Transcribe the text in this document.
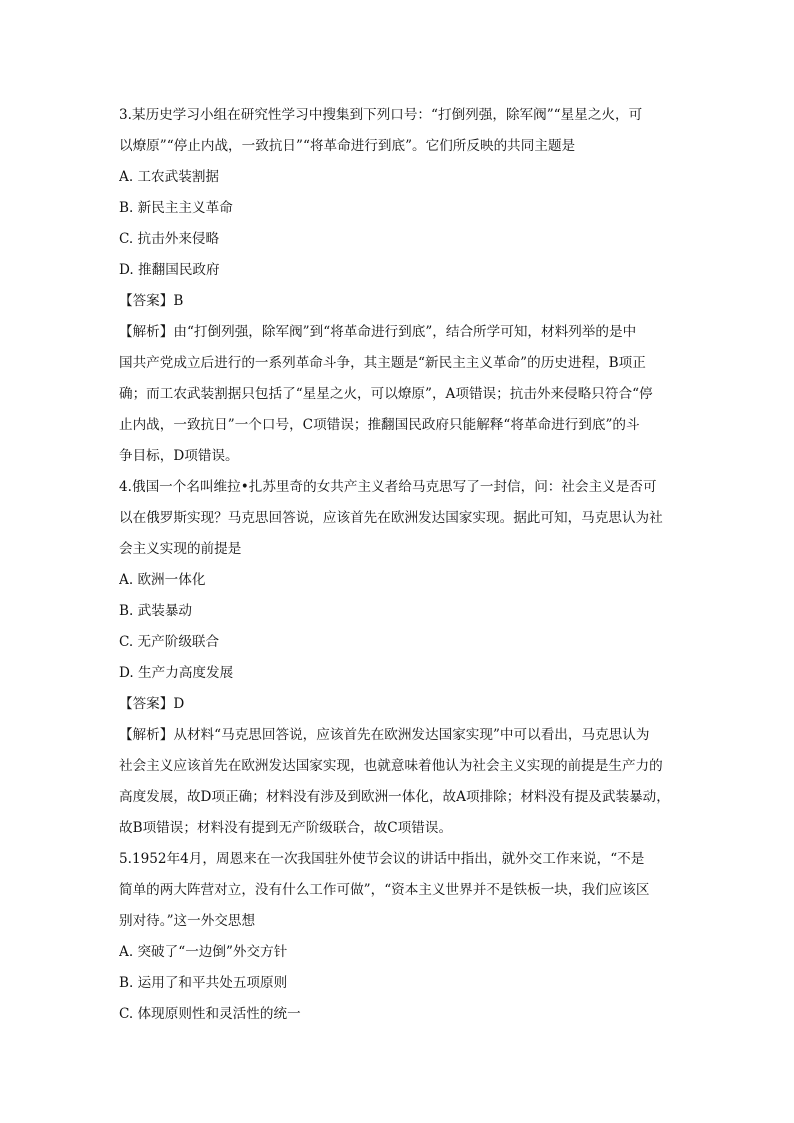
3.某历史学习小组在研究性学习中搜集到下列口号：“打倒列强，除军阀”“星星之火，可

以燎原”“停止内战，一致抗日”“将革命进行到底”。它们所反映的共同主题是

A. 工农武装割据

B. 新民主主义革命

C. 抗击外来侵略

D. 推翻国民政府

【答案】B

【解析】由“打倒列强，除军阀”到“将革命进行到底”，结合所学可知，材料列举的是中

国共产党成立后进行的一系列革命斗争，其主题是“新民主主义革命”的历史进程，B项正

确；而工农武装割据只包括了“星星之火，可以燎原”，A项错误；抗击外来侵略只符合“停

止内战，一致抗日”一个口号，C项错误；推翻国民政府只能解释“将革命进行到底”的斗

争目标，D项错误。

4.俄国一个名叫维拉•扎苏里奇的女共产主义者给马克思写了一封信，问：社会主义是否可

以在俄罗斯实现？马克思回答说，应该首先在欧洲发达国家实现。据此可知，马克思认为社

会主义实现的前提是

A. 欧洲一体化

B. 武装暴动

C. 无产阶级联合

D. 生产力高度发展

【答案】D

【解析】从材料“马克思回答说，应该首先在欧洲发达国家实现”中可以看出，马克思认为

社会主义应该首先在欧洲发达国家实现，也就意味着他认为社会主义实现的前提是生产力的

高度发展，故D项正确；材料没有涉及到欧洲一体化，故A项排除；材料没有提及武装暴动，

故B项错误；材料没有提到无产阶级联合，故C项错误。

5.1952年4月，周恩来在一次我国驻外使节会议的讲话中指出，就外交工作来说，“不是

简单的两大阵营对立，没有什么工作可做”，“资本主义世界并不是铁板一块，我们应该区

别对待。”这一外交思想

A. 突破了“一边倒”外交方针

B. 运用了和平共处五项原则

C. 体现原则性和灵活性的统一
